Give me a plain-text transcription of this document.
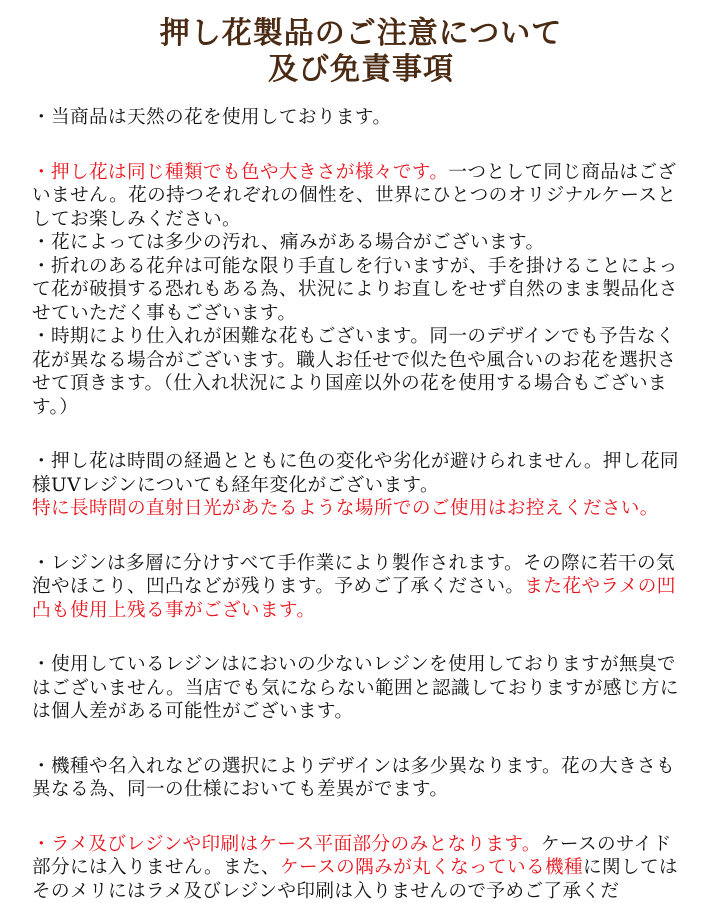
押し花製品のご注意について
及び免責事項

・当商品は天然の花を使用しております。

・押し花は同じ種類でも色や大きさが様々です。一つとして同じ商品はございません。花の持つそれぞれの個性を、世界にひとつのオリジナルケースとしてお楽しみください。

・花によっては多少の汚れ、痛みがある場合がございます。

・折れのある花弁は可能な限り手直しを行いますが、手を掛けることによって花が破損する恐れもある為、状況によりお直しをせず自然のまま製品化させていただく事もございます。

・時期により仕入れが困難な花もございます。同一のデザインでも予告なく花が異なる場合がございます。職人お任せで似た色や風合いのお花を選択させて頂きます。（仕入れ状況により国産以外の花を使用する場合もございます。）

・押し花は時間の経過とともに色の変化や劣化が避けられません。押し花同様UVレジンについても経年変化がございます。
特に長時間の直射日光があたるような場所でのご使用はお控えください。

・レジンは多層に分けすべて手作業により製作されます。その際に若干の気泡やほこり、凹凸などが残ります。予めご了承ください。また花やラメの凹凸も使用上残る事がございます。

・使用しているレジンはにおいの少ないレジンを使用しておりますが無臭ではございません。当店でも気にならない範囲と認識しておりますが感じ方には個人差がある可能性がございます。

・機種や名入れなどの選択によりデザインは多少異なります。花の大きさも異なる為、同一の仕様においても差異がでます。

・ラメ及びレジンや印刷はケース平面部分のみとなります。ケースのサイド部分には入りません。また、ケースの隅みが丸くなっている機種に関してはそのメリにはラメ及びレジンや印刷は入りませんので予めご了承くだ
